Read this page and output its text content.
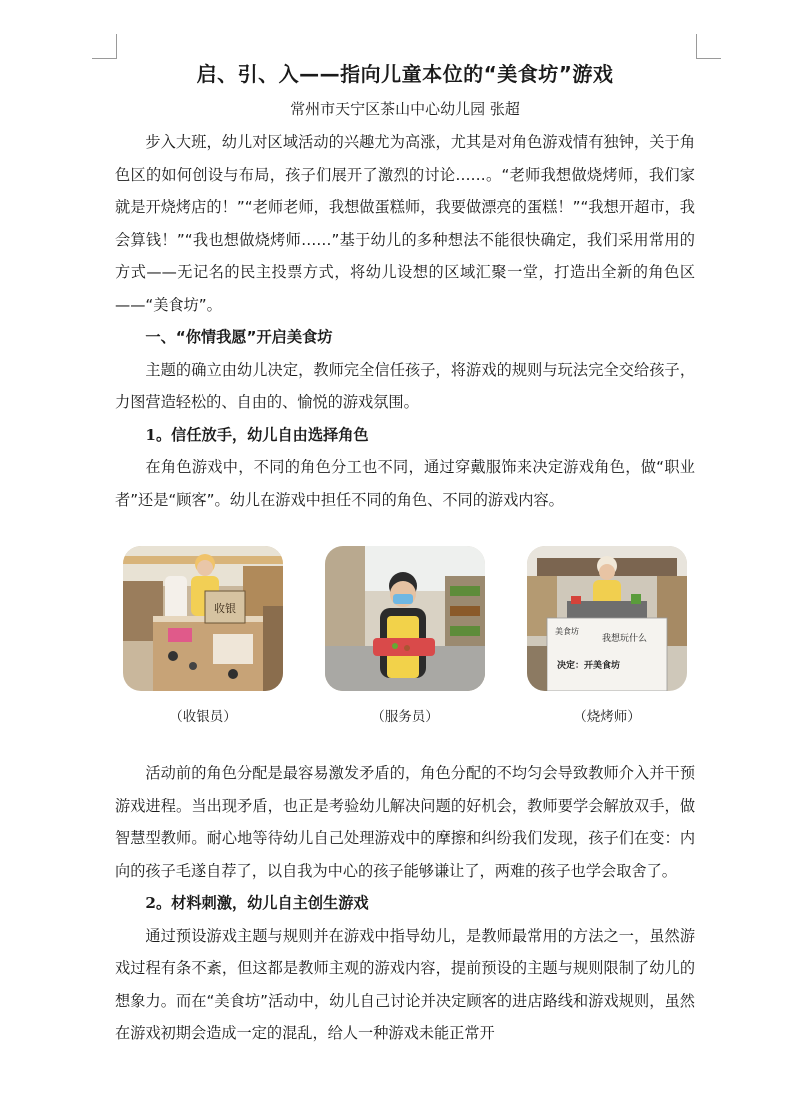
启、引、入——指向儿童本位的“美食坊”游戏
常州市天宁区茶山中心幼儿园 张超

步入大班，幼儿对区域活动的兴趣尤为高涨，尤其是对角色游戏情有独钟，关于角色区的如何创设与布局，孩子们展开了激烈的讨论……。“老师我想做烧烤师，我们家就是开烧烤店的！”“老师老师，我想做蛋糕师，我要做漂亮的蛋糕！”“我想开超市，我会算钱！”“我也想做烧烤师……”基于幼儿的多种想法不能很快确定，我们采用常用的方式——无记名的民主投票方式，将幼儿设想的区域汇聚一堂，打造出全新的角色区——“美食坊”。

一、“你情我愿”开启美食坊

主题的确立由幼儿决定，教师完全信任孩子，将游戏的规则与玩法完全交给孩子，力图营造轻松的、自由的、愉悦的游戏氛围。

1。信任放手，幼儿自由选择角色

在角色游戏中，不同的角色分工也不同，通过穿戴服饰来决定游戏角色，做“职业者”还是“顾客”。幼儿在游戏中担任不同的角色、不同的游戏内容。

收银
（收银员）	（服务员）
美食坊
我想玩什么
决定：开美食坊
（烧烤师）

活动前的角色分配是最容易激发矛盾的，角色分配的不均匀会导致教师介入并干预游戏进程。当出现矛盾，也正是考验幼儿解决问题的好机会，教师要学会解放双手，做智慧型教师。耐心地等待幼儿自己处理游戏中的摩擦和纠纷我们发现，孩子们在变：内向的孩子毛遂自荐了，以自我为中心的孩子能够谦让了，两难的孩子也学会取舍了。

2。材料刺激，幼儿自主创生游戏

通过预设游戏主题与规则并在游戏中指导幼儿，是教师最常用的方法之一，虽然游戏过程有条不紊，但这都是教师主观的游戏内容，提前预设的主题与规则限制了幼儿的想象力。而在“美食坊”活动中，幼儿自己讨论并决定顾客的进店路线和游戏规则，虽然在游戏初期会造成一定的混乱，给人一种游戏未能正常开
